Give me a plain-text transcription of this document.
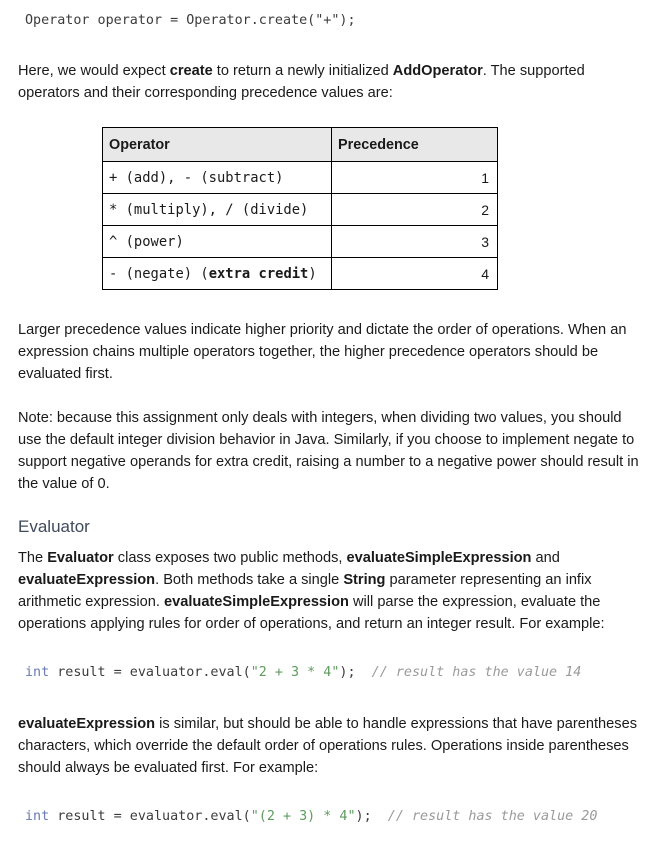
Operator operator = Operator.create("+");

Here, we would expect create to return a newly initialized AddOperator. The supported operators and their corresponding precedence values are:

Operator	Precedence
+ (add), - (subtract)	1
* (multiply), / (divide)	2
^ (power)	3
- (negate) (extra credit)	4

Larger precedence values indicate higher priority and dictate the order of operations. When an expression chains multiple operators together, the higher precedence operators should be evaluated first.

Note: because this assignment only deals with integers, when dividing two values, you should use the default integer division behavior in Java. Similarly, if you choose to implement negate to support negative operands for extra credit, raising a number to a negative power should result in the value of 0.

Evaluator

The Evaluator class exposes two public methods, evaluateSimpleExpression and evaluateExpression. Both methods take a single String parameter representing an infix arithmetic expression. evaluateSimpleExpression will parse the expression, evaluate the operations applying rules for order of operations, and return an integer result. For example:

int result = evaluator.eval("2 + 3 * 4"); // result has the value 14

evaluateExpression is similar, but should be able to handle expressions that have parentheses characters, which override the default order of operations rules. Operations inside parentheses should always be evaluated first. For example:

int result = evaluator.eval("(2 + 3) * 4"); // result has the value 20
